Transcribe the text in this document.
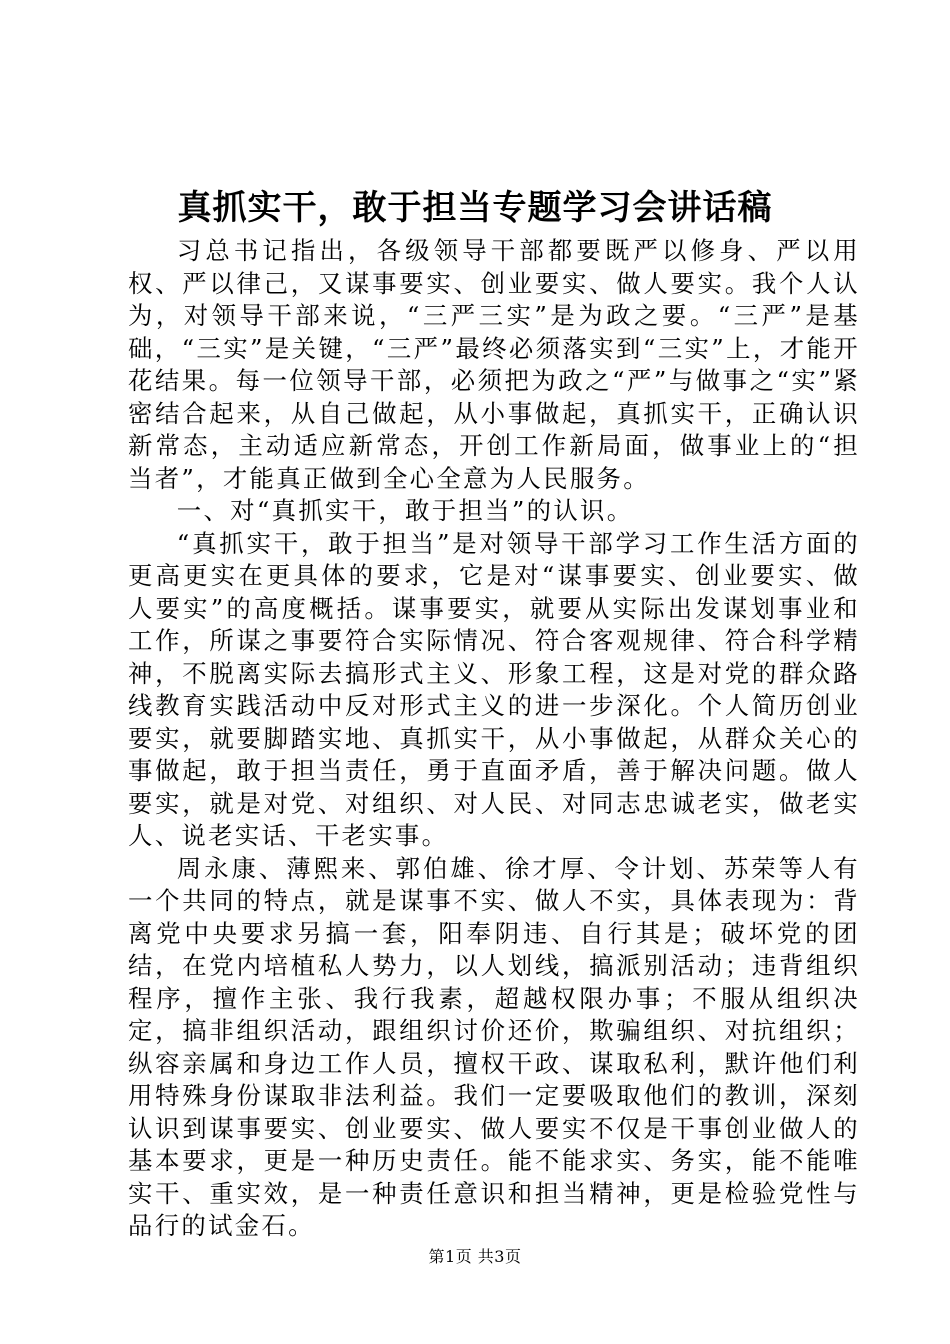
真抓实干，敢于担当专题学习会讲话稿

习总书记指出，各级领导干部都要既严以修身、严以用权、严以律己，又谋事要实、创业要实、做人要实。我个人认为，对领导干部来说，“三严三实”是为政之要。“三严”是基础，“三实”是关键，“三严”最终必须落实到“三实”上，才能开花结果。每一位领导干部，必须把为政之“严”与做事之“实”紧密结合起来，从自己做起，从小事做起，真抓实干，正确认识新常态，主动适应新常态，开创工作新局面，做事业上的“担当者”，才能真正做到全心全意为人民服务。

一、对“真抓实干，敢于担当”的认识。

“真抓实干，敢于担当”是对领导干部学习工作生活方面的更高更实在更具体的要求，它是对“谋事要实、创业要实、做人要实”的高度概括。谋事要实，就要从实际出发谋划事业和工作，所谋之事要符合实际情况、符合客观规律、符合科学精神，不脱离实际去搞形式主义、形象工程，这是对党的群众路线教育实践活动中反对形式主义的进一步深化。个人简历创业要实，就要脚踏实地、真抓实干，从小事做起，从群众关心的事做起，敢于担当责任，勇于直面矛盾，善于解决问题。做人要实，就是对党、对组织、对人民、对同志忠诚老实，做老实人、说老实话、干老实事。

周永康、薄熙来、郭伯雄、徐才厚、令计划、苏荣等人有一个共同的特点，就是谋事不实、做人不实，具体表现为：背离党中央要求另搞一套，阳奉阴违、自行其是；破坏党的团结，在党内培植私人势力，以人划线，搞派别活动；违背组织程序，擅作主张、我行我素，超越权限办事；不服从组织决定，搞非组织活动，跟组织讨价还价，欺骗组织、对抗组织；纵容亲属和身边工作人员，擅权干政、谋取私利，默许他们利用特殊身份谋取非法利益。我们一定要吸取他们的教训，深刻认识到谋事要实、创业要实、做人要实不仅是干事创业做人的基本要求，更是一种历史责任。能不能求实、务实，能不能唯实干、重实效，是一种责任意识和担当精神，更是检验党性与品行的试金石。

第1页 共3页
